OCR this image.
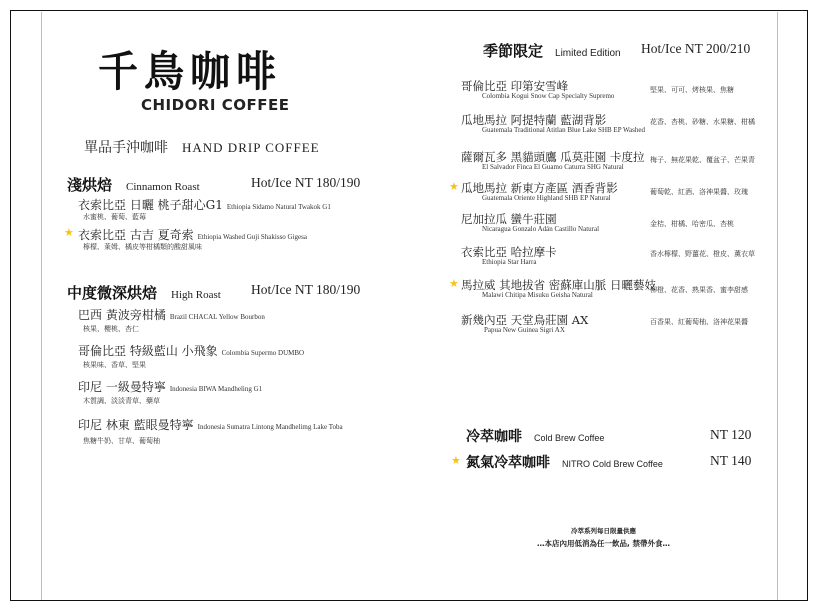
千鳥咖啡
CHIDORI COFFEE
單品手沖咖啡 HAND DRIP COFFEE
淺烘焙 Cinnamon Roast	Hot/Ice NT 180/190
衣索比亞 日曬 桃子甜心G1 Ethiopia Sidamo Natural Twakok G1
水蜜桃、葡萄、藍莓
★ 衣索比亞 古吉 夏奇索 Ethiopia Washed Guji Shakisso Gigesa
檸檬、萊姆、橘皮等柑橘類的酸甜風味
中度微深烘焙 High Roast Hot/Ice NT 180/190
巴西 黃波旁柑橘 Brazil CHACAL Yellow Bourbon
核果、櫻桃、杏仁
哥倫比亞 特級藍山 小飛象 Colombia Supermo DUMBO
核果味、香草、堅果
印尼 一級曼特寧 Indonesia BIWA Mandheling G1
木質調、淡淡青草、藥草
印尼 林東 藍眼曼特寧 Indonesia Sumatra Lintong Mandhelimg Lake Toba
焦糖牛奶、甘草、葡萄柚
季節限定 Limited Edition Hot/Ice NT 200/210
哥倫比亞 印第安雪峰
Colombia Kogui Snow Cap Specialty Supremo
堅果、可可、烤核果、焦糖
瓜地馬拉 阿提特蘭 藍湖背影
Guatemala Traditional Atitlan Blue Lake SHB EP Washed
花香、杏桃、砂糖、水果糖、柑橘
薩爾瓦多 黑貓頭鷹 瓜莫莊園 卡度拉
El Salvador Finca El Guamo Caturra SHG Natural
梅子、無花果乾、覆盆子、芒果青
★ 瓜地馬拉 新東方產區 酒香背影
Guatemala Oriente Highland SHB EP Natural
葡萄乾、紅酒、洛神果醬、玫瑰
尼加拉瓜 蠻牛莊園
Nicaragua Gonzalo Adán Castillo Natural
金桔、柑橘、哈密瓜、杏桃
衣索比亞 哈拉摩卡
Ethiopia Star Harra
香水檸檬、野薑花、橙皮、薰衣草
★ 馬拉威 其地拔省 密蘇庫山脈 日曬藝妓
Malawi Chitipa Misuku Geisha Natural
柳橙、花香、熟果香、蜜李甜感
新幾內亞 天堂鳥莊園 AX
Papua New Guinea Sigri AX
百香果、紅葡萄柚、洛神花果醬
冷萃咖啡 Cold Brew Coffee	NT 120
★ 氮氣冷萃咖啡 NITRO Cold Brew Coffee	NT 140
冷萃系列每日限量供應
…本店內用低消為任一飲品, 禁帶外食…
